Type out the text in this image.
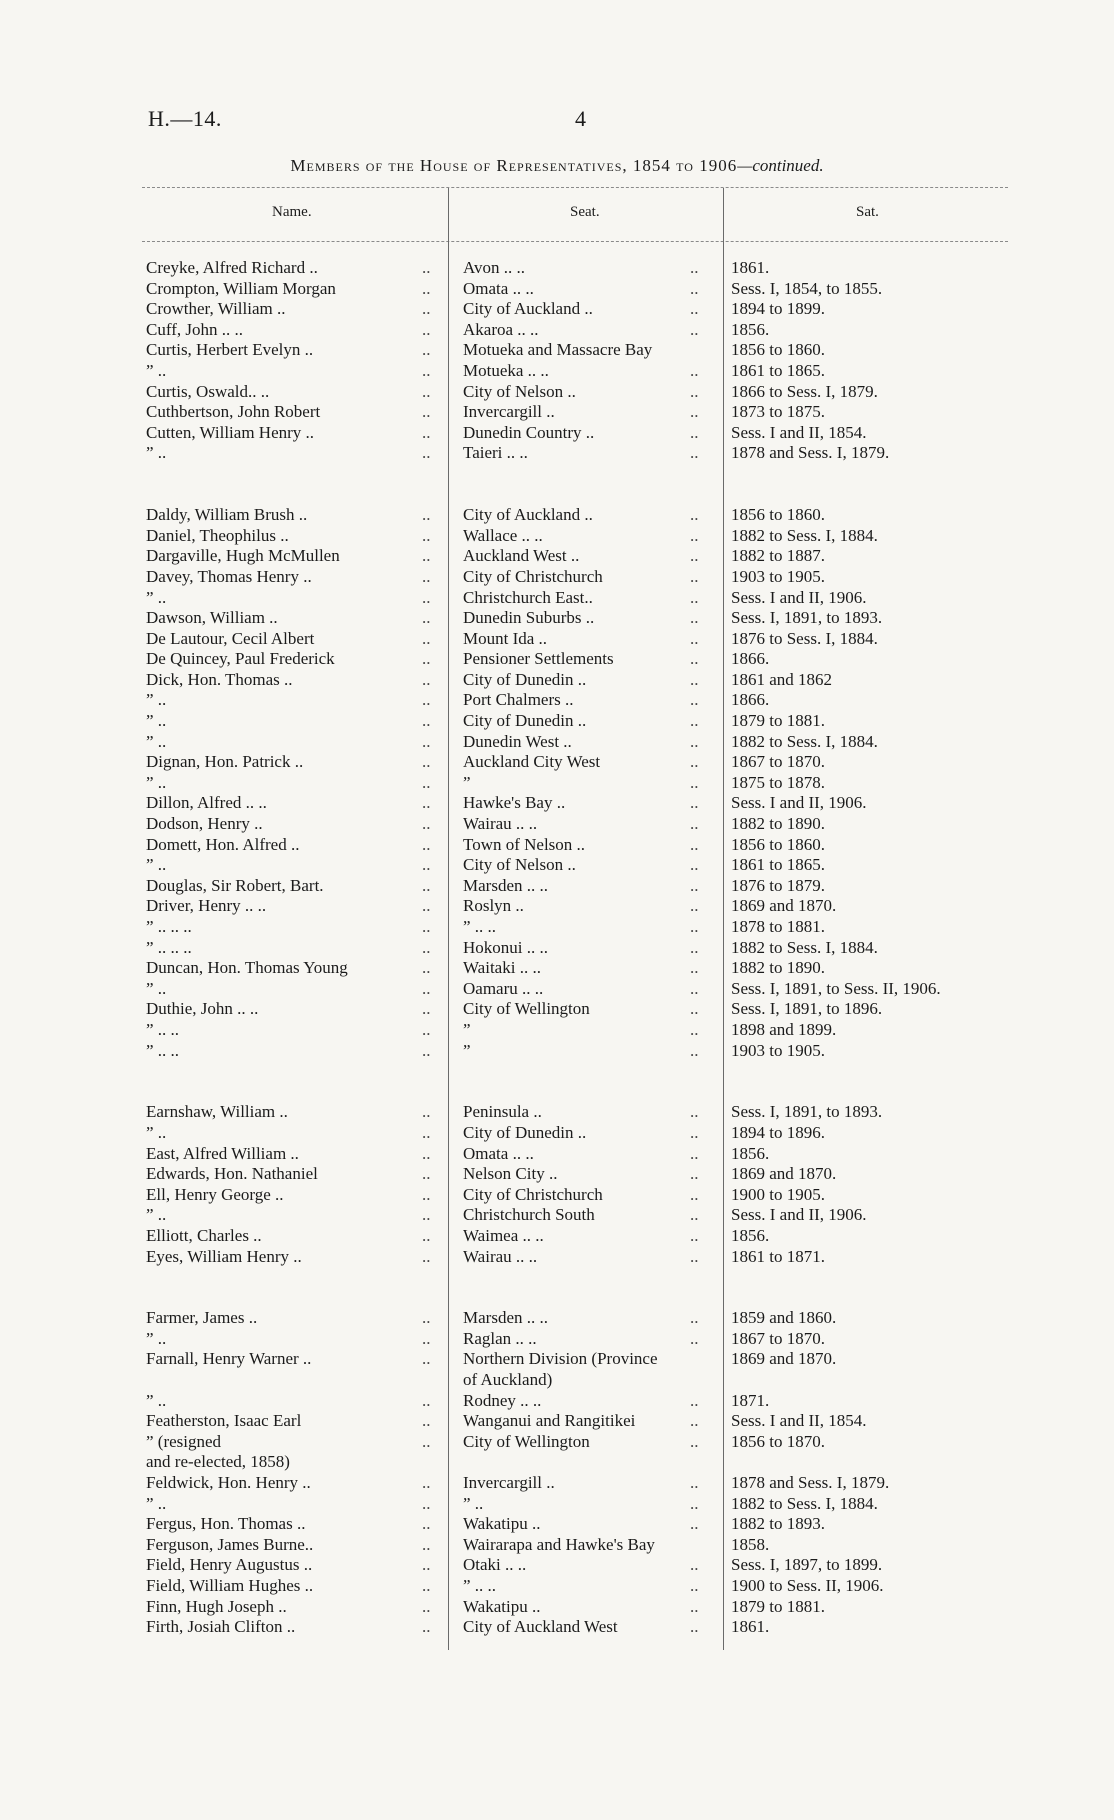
H.—14.	4
Members of the House of Representatives, 1854 to 1906—continued.
Name.	Seat.	Sat.
Creyke, Alfred Richard ..	.. Avon .. ..	.. 1861.
Crompton, William Morgan	.. Omata .. ..	.. Sess. I, 1854, to 1855.
Crowther, William ..	.. City of Auckland ..	.. 1894 to 1899.
Cuff, John .. ..	.. Akaroa .. ..	.. 1856.
Curtis, Herbert Evelyn ..	.. Motueka and Massacre Bay	1856 to 1860.
” ..	.. Motueka .. ..	.. 1861 to 1865.
Curtis, Oswald.. ..	.. City of Nelson ..	.. 1866 to Sess. I, 1879.
Cuthbertson, John Robert	.. Invercargill ..	.. 1873 to 1875.
Cutten, William Henry ..	.. Dunedin Country ..	.. Sess. I and II, 1854.
” ..	.. Taieri .. ..	.. 1878 and Sess. I, 1879.
Daldy, William Brush ..	.. City of Auckland ..	.. 1856 to 1860.
Daniel, Theophilus ..	.. Wallace .. ..	.. 1882 to Sess. I, 1884.
Dargaville, Hugh McMullen	.. Auckland West ..	.. 1882 to 1887.
Davey, Thomas Henry ..	.. City of Christchurch	.. 1903 to 1905.
” ..	.. Christchurch East..	.. Sess. I and II, 1906.
Dawson, William ..	.. Dunedin Suburbs ..	.. Sess. I, 1891, to 1893.
De Lautour, Cecil Albert	.. Mount Ida ..	.. 1876 to Sess. I, 1884.
De Quincey, Paul Frederick	.. Pensioner Settlements	.. 1866.
Dick, Hon. Thomas ..	.. City of Dunedin ..	.. 1861 and 1862
” ..	.. Port Chalmers ..	.. 1866.
” ..	.. City of Dunedin ..	.. 1879 to 1881.
” ..	.. Dunedin West ..	.. 1882 to Sess. I, 1884.
Dignan, Hon. Patrick ..	.. Auckland City West	.. 1867 to 1870.
” ..	.. ”	.. 1875 to 1878.
Dillon, Alfred .. ..	.. Hawke's Bay ..	.. Sess. I and II, 1906.
Dodson, Henry ..	.. Wairau .. ..	.. 1882 to 1890.
Domett, Hon. Alfred ..	.. Town of Nelson ..	.. 1856 to 1860.
” ..	.. City of Nelson ..	.. 1861 to 1865.
Douglas, Sir Robert, Bart.	.. Marsden .. ..	.. 1876 to 1879.
Driver, Henry .. ..	.. Roslyn ..	.. 1869 and 1870.
” .. .. ..	.. ” .. ..	.. 1878 to 1881.
” .. .. ..	.. Hokonui .. ..	.. 1882 to Sess. I, 1884.
Duncan, Hon. Thomas Young	.. Waitaki .. ..	.. 1882 to 1890.
” ..	.. Oamaru .. ..	.. Sess. I, 1891, to Sess. II, 1906.
Duthie, John .. ..	.. City of Wellington	.. Sess. I, 1891, to 1896.
” .. ..	.. ”	.. 1898 and 1899.
” .. ..	.. ”	.. 1903 to 1905.
Earnshaw, William ..	.. Peninsula ..	.. Sess. I, 1891, to 1893.
” ..	.. City of Dunedin ..	.. 1894 to 1896.
East, Alfred William ..	.. Omata .. ..	.. 1856.
Edwards, Hon. Nathaniel	.. Nelson City ..	.. 1869 and 1870.
Ell, Henry George ..	.. City of Christchurch	.. 1900 to 1905.
” ..	.. Christchurch South	.. Sess. I and II, 1906.
Elliott, Charles ..	.. Waimea .. ..	.. 1856.
Eyes, William Henry ..	.. Wairau .. ..	.. 1861 to 1871.
Farmer, James ..	.. Marsden .. ..	.. 1859 and 1860.
” ..	.. Raglan .. ..	.. 1867 to 1870.
Farnall, Henry Warner ..	.. Northern Division (Province	1869 and 1870.
of Auckland)
” ..	.. Rodney .. ..	.. 1871.
Featherston, Isaac Earl	.. Wanganui and Rangitikei	.. Sess. I and II, 1854.
” (resigned	.. City of Wellington	.. 1856 to 1870.
and re-elected, 1858)
Feldwick, Hon. Henry ..	.. Invercargill ..	.. 1878 and Sess. I, 1879.
” ..	.. ” ..	.. 1882 to Sess. I, 1884.
Fergus, Hon. Thomas ..	.. Wakatipu ..	.. 1882 to 1893.
Ferguson, James Burne..	.. Wairarapa and Hawke's Bay	1858.
Field, Henry Augustus ..	.. Otaki .. ..	.. Sess. I, 1897, to 1899.
Field, William Hughes ..	.. ” .. ..	.. 1900 to Sess. II, 1906.
Finn, Hugh Joseph ..	.. Wakatipu ..	.. 1879 to 1881.
Firth, Josiah Clifton ..	.. City of Auckland West	.. 1861.
